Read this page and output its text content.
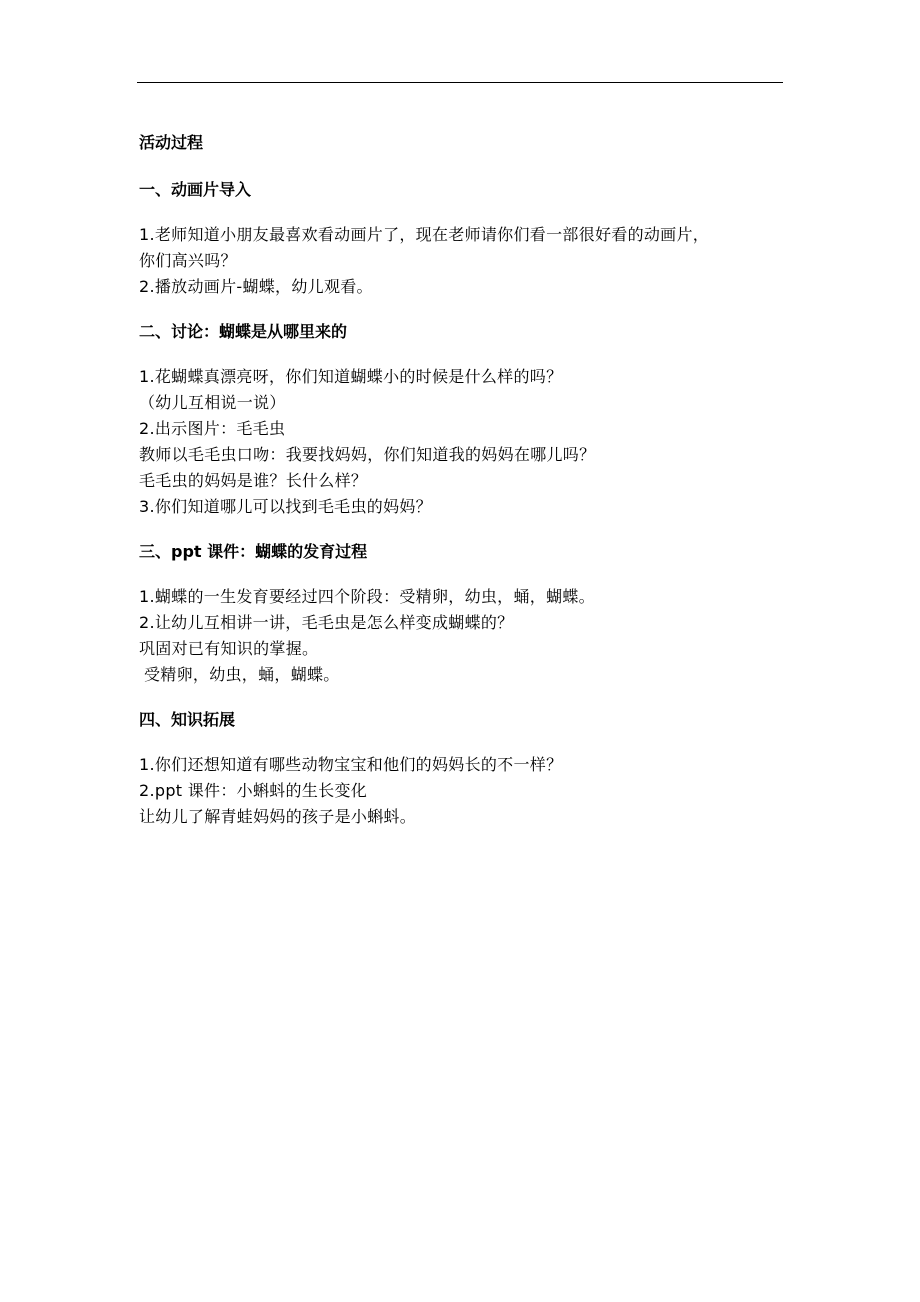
活动过程
一、动画片导入
1.老师知道小朋友最喜欢看动画片了，现在老师请你们看一部很好看的动画片，
你们高兴吗？
2.播放动画片-蝴蝶，幼儿观看。
二、讨论：蝴蝶是从哪里来的
1.花蝴蝶真漂亮呀，你们知道蝴蝶小的时候是什么样的吗？
（幼儿互相说一说）
2.出示图片：毛毛虫
教师以毛毛虫口吻：我要找妈妈，你们知道我的妈妈在哪儿吗？
毛毛虫的妈妈是谁？长什么样？
3.你们知道哪儿可以找到毛毛虫的妈妈？
三、ppt 课件：蝴蝶的发育过程
1.蝴蝶的一生发育要经过四个阶段：受精卵，幼虫，蛹，蝴蝶。
2.让幼儿互相讲一讲，毛毛虫是怎么样变成蝴蝶的？
巩固对已有知识的掌握。
受精卵，幼虫，蛹，蝴蝶。
四、知识拓展
1.你们还想知道有哪些动物宝宝和他们的妈妈长的不一样？
2.ppt 课件：小蝌蚪的生长变化
让幼儿了解青蛙妈妈的孩子是小蝌蚪。
